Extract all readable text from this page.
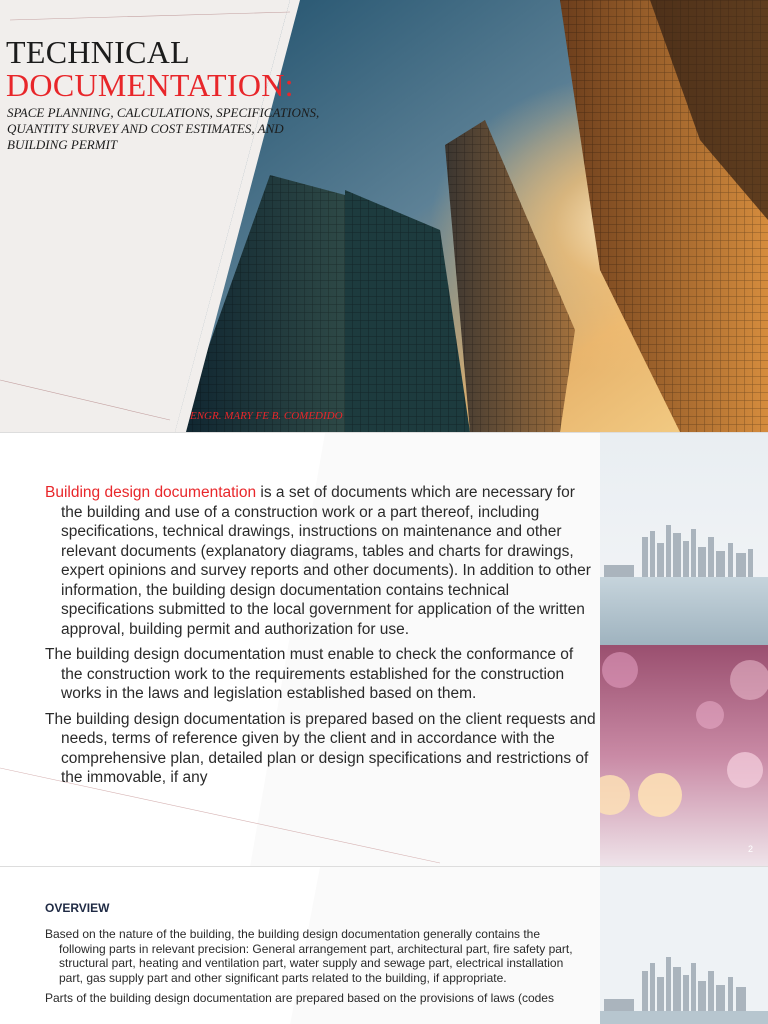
TECHNICAL
DOCUMENTATION:
SPACE PLANNING, CALCULATIONS, SPECIFICATIONS, QUANTITY SURVEY AND COST ESTIMATES, AND BUILDING PERMIT
ENGR. MARY FE B. COMEDIDO

Building design documentation is a set of documents which are necessary for the building and use of a construction work or a part thereof, including specifications, technical drawings, instructions on maintenance and other relevant documents (explanatory diagrams, tables and charts for drawings, expert opinions and survey reports and other documents). In addition to other information, the building design documentation contains technical specifications submitted to the local government for application of the written approval, building permit and authorization for use.

The building design documentation must enable to check the conformance of the construction work to the requirements established for the construction works in the laws and legislation established based on them.

The building design documentation is prepared based on the client requests and needs, terms of reference given by the client and in accordance with the comprehensive plan, detailed plan or design specifications and restrictions of the immovable, if any

2
OVERVIEW

Based on the nature of the building, the building design documentation generally contains the following parts in relevant precision: General arrangement part, architectural part, fire safety part, structural part, heating and ventilation part, water supply and sewage part, electrical installation part, gas supply part and other significant parts related to the building, if appropriate.

Parts of the building design documentation are prepared based on the provisions of laws (codes
